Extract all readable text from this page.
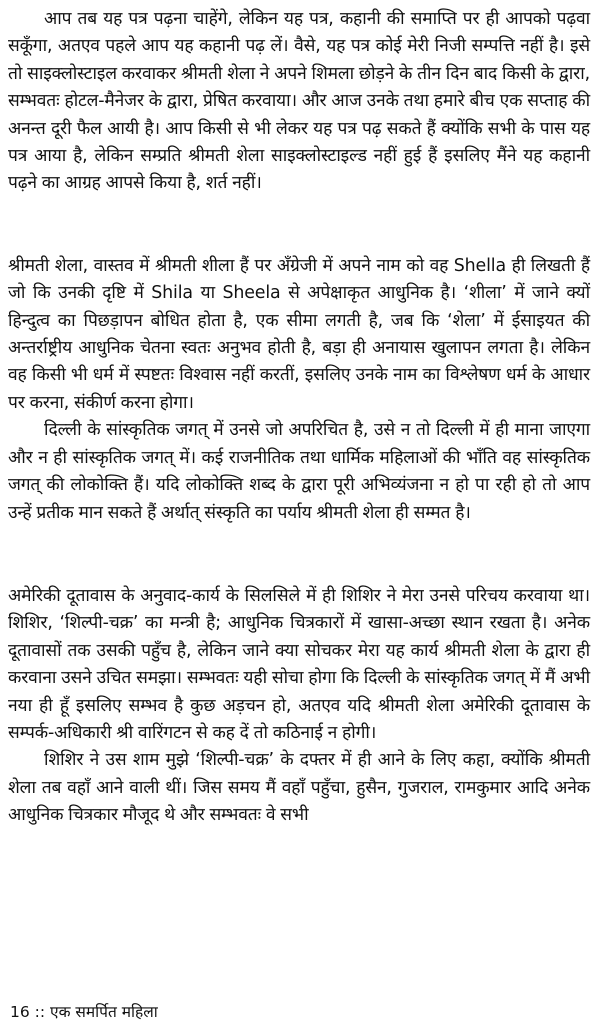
आप तब यह पत्र पढ़ना चाहेंगे, लेकिन यह पत्र, कहानी की समाप्ति पर ही आपको पढ़वा सकूँगा, अतएव पहले आप यह कहानी पढ़ लें। वैसे, यह पत्र कोई मेरी निजी सम्पत्ति नहीं है। इसे तो साइक्लोस्टाइल करवाकर श्रीमती शेला ने अपने शिमला छोड़ने के तीन दिन बाद किसी के द्वारा, सम्भवतः होटल-मैनेजर के द्वारा, प्रेषित करवाया। और आज उनके तथा हमारे बीच एक सप्ताह की अनन्त दूरी फैल आयी है। आप किसी से भी लेकर यह पत्र पढ़ सकते हैं क्योंकि सभी के पास यह पत्र आया है, लेकिन सम्प्रति श्रीमती शेला साइक्लोस्टाइल्ड नहीं हुई हैं इसलिए मैंने यह कहानी पढ़ने का आग्रह आपसे किया है, शर्त नहीं।

श्रीमती शेला, वास्तव में श्रीमती शीला हैं पर अँग्रेजी में अपने नाम को वह Shella ही लिखती हैं जो कि उनकी दृष्टि में Shila या Sheela से अपेक्षाकृत आधुनिक है। ‘शीला’ में जाने क्यों हिन्दुत्व का पिछड़ापन बोधित होता है, एक सीमा लगती है, जब कि ‘शेला’ में ईसाइयत की अन्तर्राष्ट्रीय आधुनिक चेतना स्वतः अनुभव होती है, बड़ा ही अनायास खुलापन लगता है। लेकिन वह किसी भी धर्म में स्पष्टतः विश्वास नहीं करतीं, इसलिए उनके नाम का विश्लेषण धर्म के आधार पर करना, संकीर्ण करना होगा।

दिल्ली के सांस्कृतिक जगत् में उनसे जो अपरिचित है, उसे न तो दिल्ली में ही माना जाएगा और न ही सांस्कृतिक जगत् में। कई राजनीतिक तथा धार्मिक महिलाओं की भाँति वह सांस्कृतिक जगत् की लोकोक्ति हैं। यदि लोकोक्ति शब्द के द्वारा पूरी अभिव्यंजना न हो पा रही हो तो आप उन्हें प्रतीक मान सकते हैं अर्थात् संस्कृति का पर्याय श्रीमती शेला ही सम्मत है।

अमेरिकी दूतावास के अनुवाद-कार्य के सिलसिले में ही शिशिर ने मेरा उनसे परिचय करवाया था। शिशिर, ‘शिल्पी-चक्र’ का मन्त्री है; आधुनिक चित्रकारों में खासा-अच्छा स्थान रखता है। अनेक दूतावासों तक उसकी पहुँच है, लेकिन जाने क्या सोचकर मेरा यह कार्य श्रीमती शेला के द्वारा ही करवाना उसने उचित समझा। सम्भवतः यही सोचा होगा कि दिल्ली के सांस्कृतिक जगत् में मैं अभी नया ही हूँ इसलिए सम्भव है कुछ अड़चन हो, अतएव यदि श्रीमती शेला अमेरिकी दूतावास के सम्पर्क-अधिकारी श्री वारिंगटन से कह दें तो कठिनाई न होगी।

शिशिर ने उस शाम मुझे ‘शिल्पी-चक्र’ के दफ्तर में ही आने के लिए कहा, क्योंकि श्रीमती शेला तब वहाँ आने वाली थीं। जिस समय मैं वहाँ पहुँचा, हुसैन, गुजराल, रामकुमार आदि अनेक आधुनिक चित्रकार मौजूद थे और सम्भवतः वे सभी

16 :: एक समर्पित महिला
